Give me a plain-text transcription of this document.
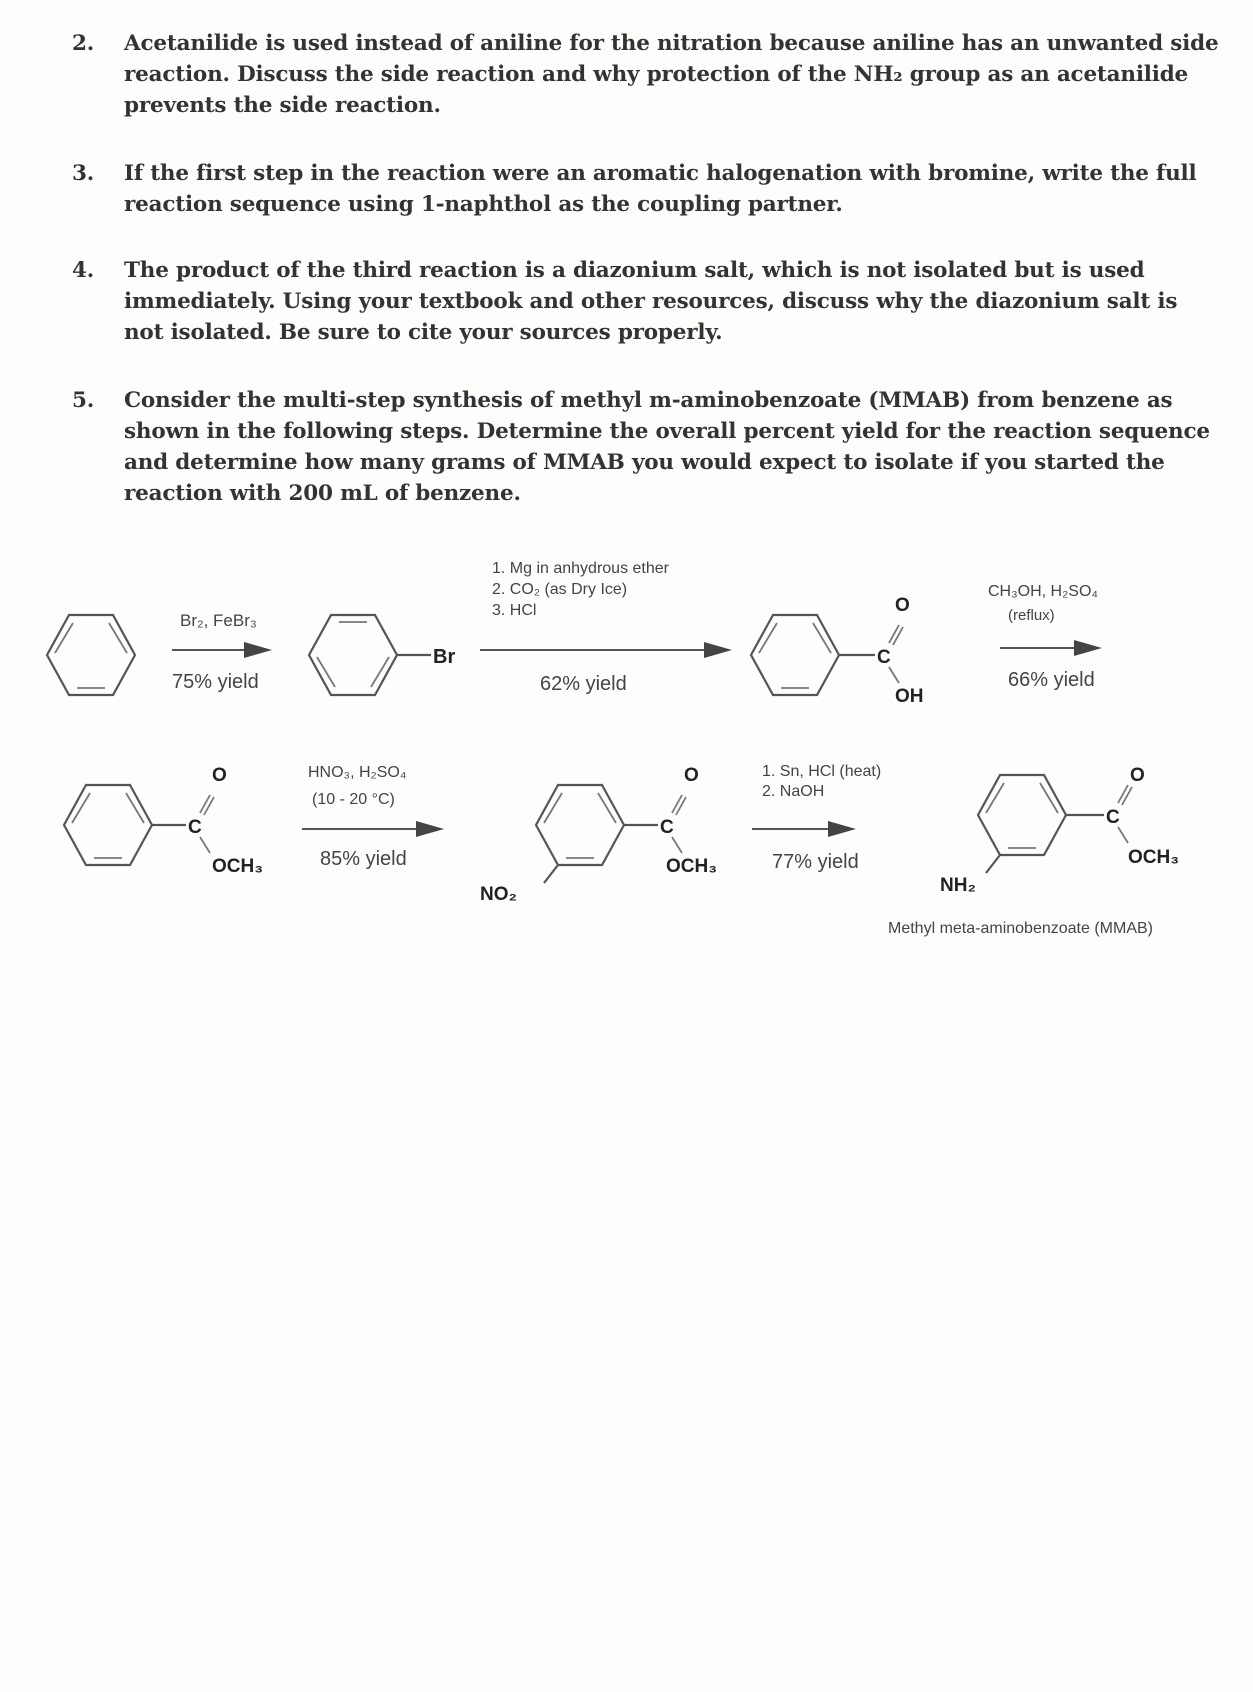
2. Acetanilide is used instead of aniline for the nitration because aniline has an unwanted side reaction. Discuss the side reaction and why protection of the NH₂ group as an acetanilide prevents the side reaction.
3. If the first step in the reaction were an aromatic halogenation with bromine, write the full reaction sequence using 1-naphthol as the coupling partner.
4. The product of the third reaction is a diazonium salt, which is not isolated but is used immediately. Using your textbook and other resources, discuss why the diazonium salt is not isolated. Be sure to cite your sources properly.
5. Consider the multi-step synthesis of methyl m-aminobenzoate (MMAB) from benzene as shown in the following steps. Determine the overall percent yield for the reaction sequence and determine how many grams of MMAB you would expect to isolate if you started the reaction with 200 mL of benzene.
Br₂, FeBr₃
75% yield
Br
1. Mg in anhydrous ether
2. CO₂ (as Dry Ice)
3. HCl
62% yield
C
O
OH
CH₃OH, H₂SO₄
(reflux)
66% yield
C
O
OCH₃
HNO₃, H₂SO₄
(10 - 20 °C)
85% yield
C
O
OCH₃
NO₂
1. Sn, HCl (heat)
2. NaOH
77% yield
C
O
OCH₃
NH₂
Methyl meta-aminobenzoate (MMAB)
